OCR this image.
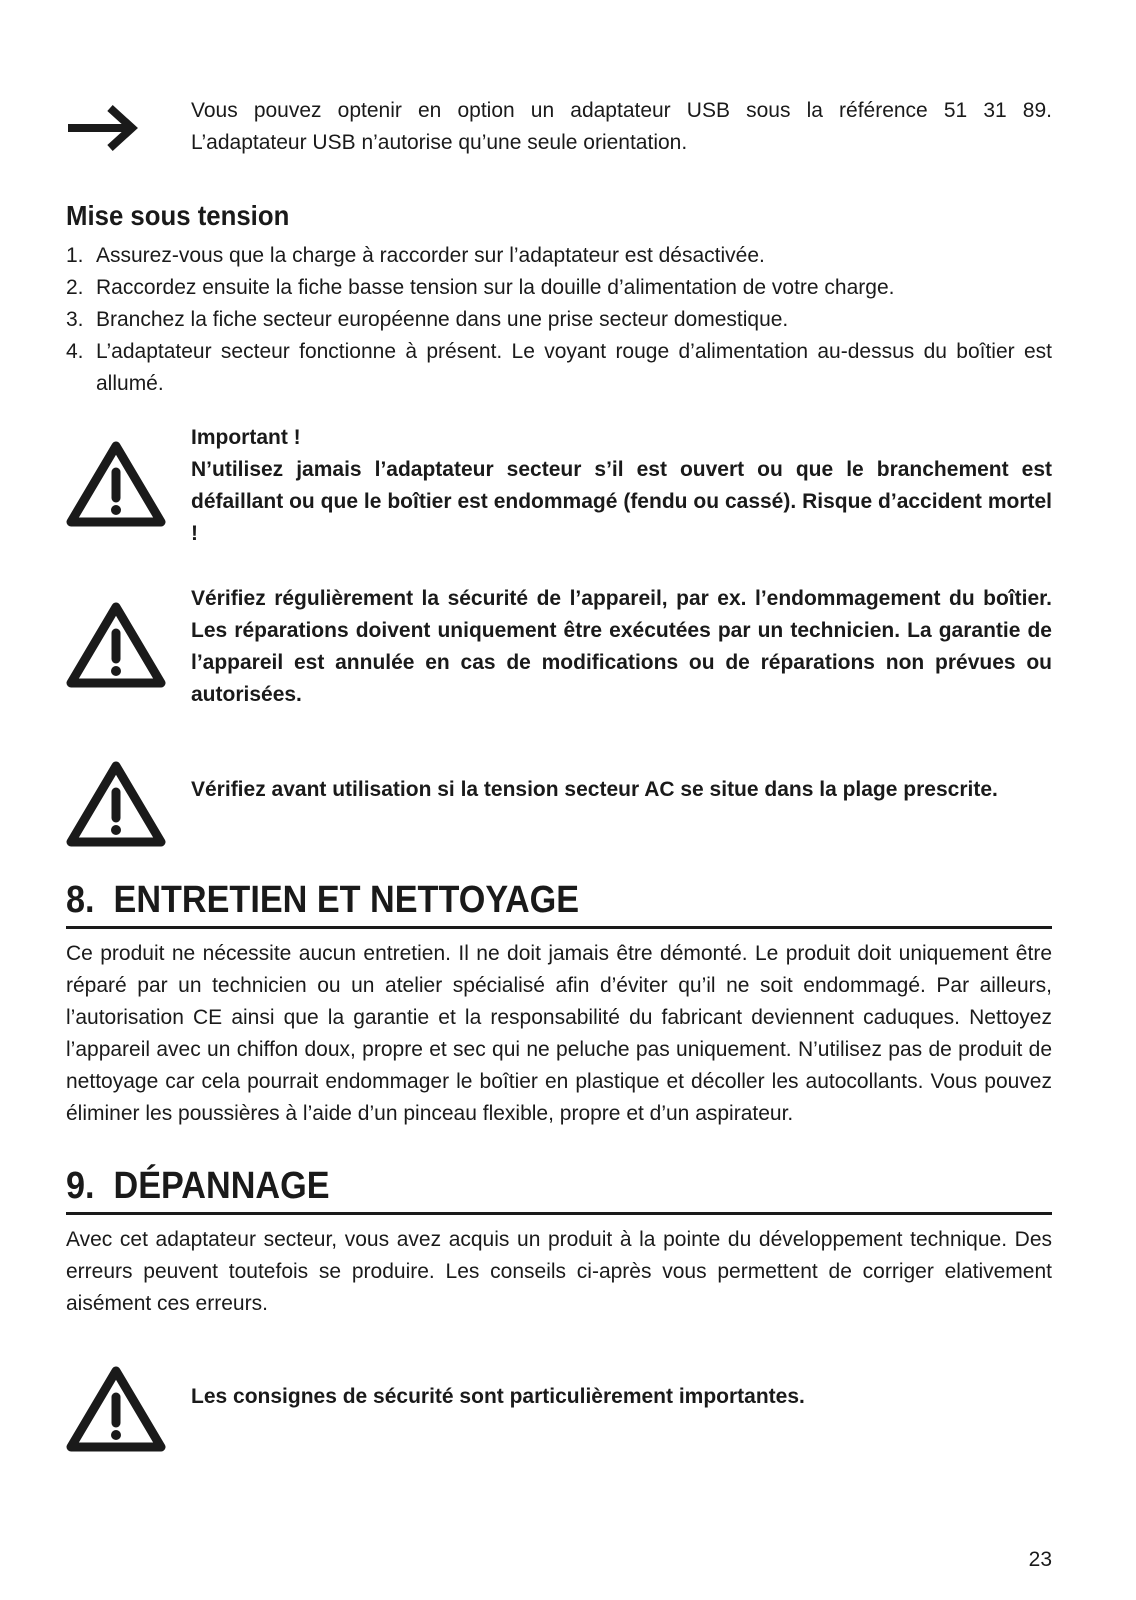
Vous pouvez optenir en option un adaptateur USB sous la référence 51 31 89.

L’adaptateur USB n’autorise qu’une seule orientation.

Mise sous tension
1. Assurez-vous que la charge à raccorder sur l’adaptateur est désactivée.
2. Raccordez ensuite la fiche basse tension sur la douille d’alimentation de votre charge.
3. Branchez la fiche secteur européenne dans une prise secteur domestique.
4. L’adaptateur secteur fonctionne à présent. Le voyant rouge d’alimentation au-dessus du boîtier est allumé.

Important !

N’utilisez jamais l’adaptateur secteur s’il est ouvert ou que le branchement est défaillant ou que le boîtier est endommagé (fendu ou cassé). Risque d’accident mortel !

Vérifiez régulièrement la sécurité de l’appareil, par ex. l’endommagement du boîtier. Les réparations doivent uniquement être exécutées par un technicien. La garantie de l’appareil est annulée en cas de modifications ou de réparations non prévues ou autorisées.

Vérifiez avant utilisation si la tension secteur AC se situe dans la plage prescrite.

8.  ENTRETIEN ET NETTOYAGE

Ce produit ne nécessite aucun entretien. Il ne doit jamais être démonté. Le produit doit uniquement être réparé par un technicien ou un atelier spécialisé afin d’éviter qu’il ne soit endommagé. Par ailleurs, l’autorisation CE ainsi que la garantie et la responsabilité du fabricant deviennent caduques. Nettoyez l’appareil avec un chiffon doux, propre et sec qui ne peluche pas uniquement. N’utilisez pas de produit de nettoyage car cela pourrait endommager le boîtier en plastique et décoller les autocollants. Vous pouvez éliminer les poussières à l’aide d’un pinceau flexible, propre et d’un aspirateur.

9.  DÉPANNAGE

Avec cet adaptateur secteur, vous avez acquis un produit à la pointe du développement technique. Des erreurs peuvent toutefois se produire. Les conseils ci-après vous permettent de corriger elativement aisément ces erreurs.

Les consignes de sécurité sont particulièrement importantes.

23
